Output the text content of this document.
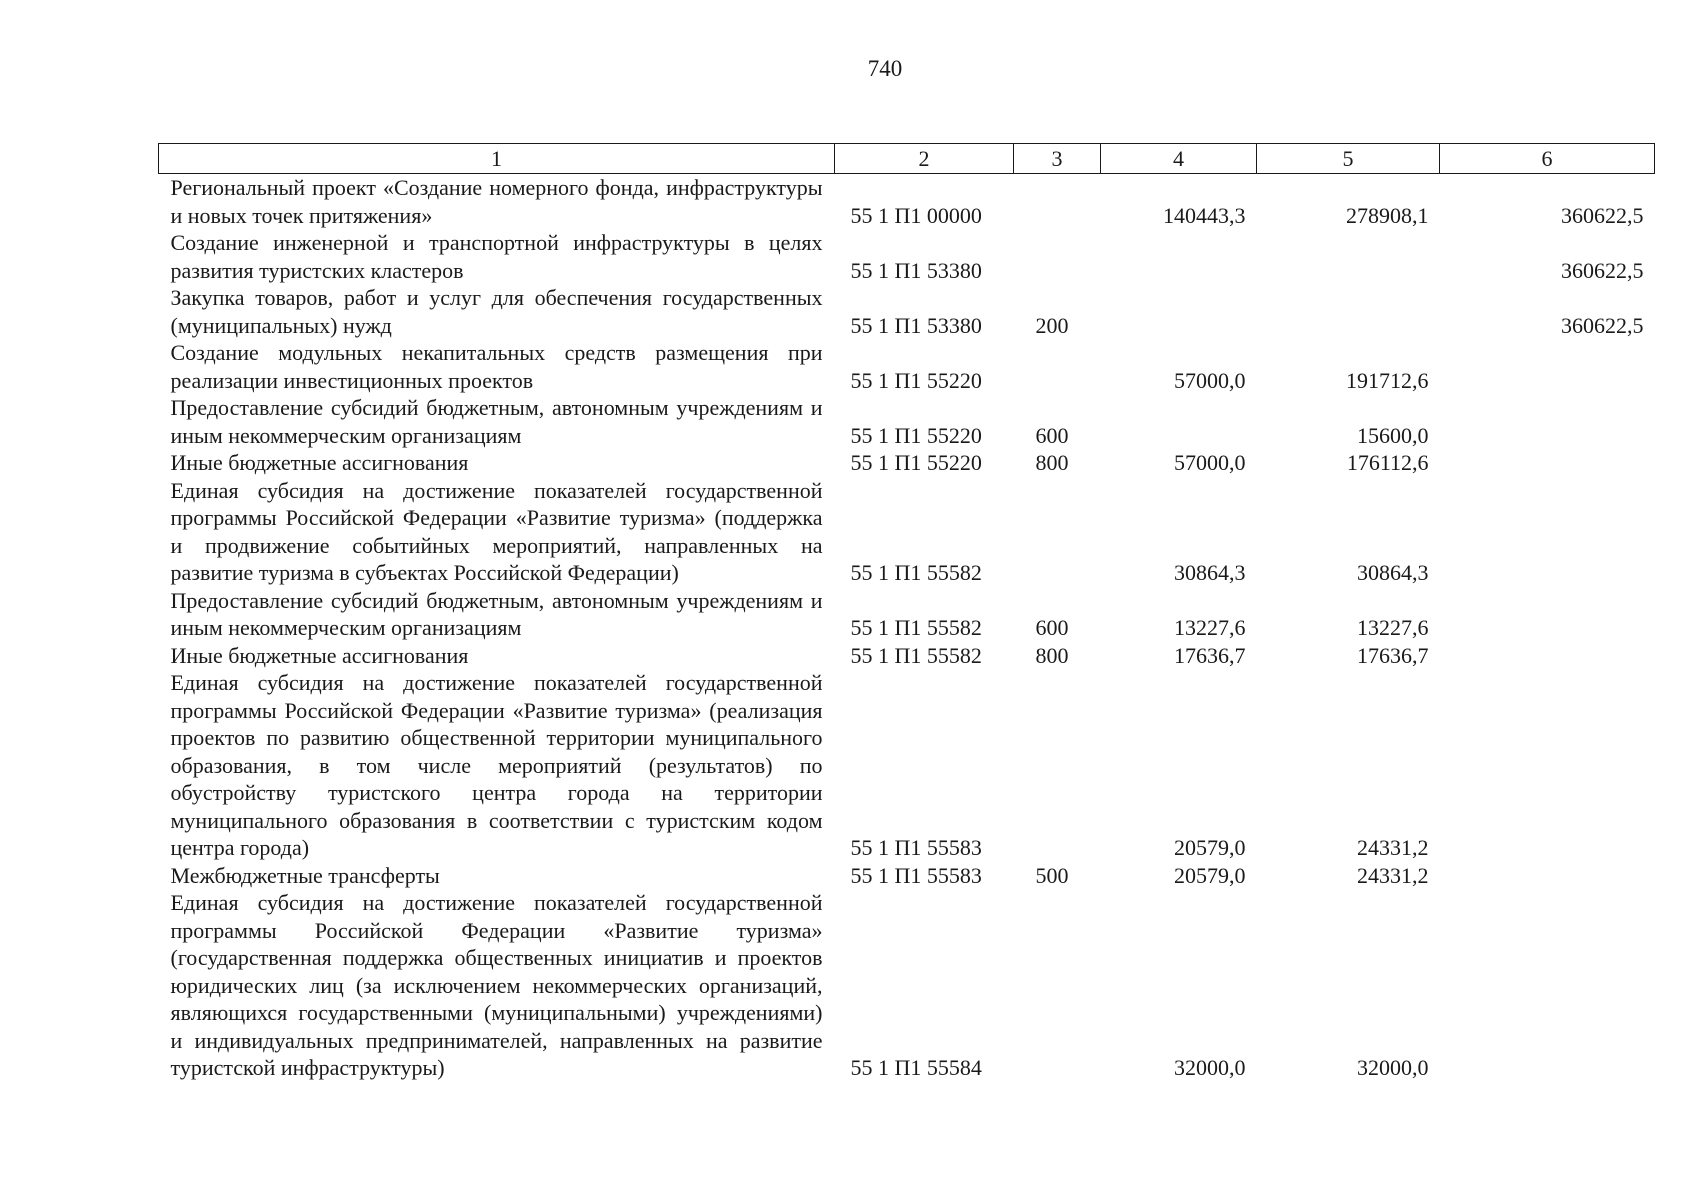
740
1	2	3	4	5	6
Региональный проект «Создание номерного фонда, инфраструктуры и новых точек притяжения»	55 1 П1 00000		140443,3	278908,1	360622,5
Создание инженерной и транспортной инфраструктуры в целях развития туристских кластеров	55 1 П1 53380				360622,5
Закупка товаров, работ и услуг для обеспечения государственных (муниципальных) нужд	55 1 П1 53380	200			360622,5
Создание модульных некапитальных средств размещения при реализации инвестиционных проектов	55 1 П1 55220		57000,0	191712,6	
Предоставление субсидий бюджетным, автономным учреждениям и иным некоммерческим организациям	55 1 П1 55220	600		15600,0	
Иные бюджетные ассигнования	55 1 П1 55220	800	57000,0	176112,6	
Единая субсидия на достижение показателей государственной программы Российской Федерации «Развитие туризма» (поддержка и продвижение событийных мероприятий, направленных на развитие туризма в субъектах Российской Федерации)	55 1 П1 55582		30864,3	30864,3	
Предоставление субсидий бюджетным, автономным учреждениям и иным некоммерческим организациям	55 1 П1 55582	600	13227,6	13227,6	
Иные бюджетные ассигнования	55 1 П1 55582	800	17636,7	17636,7	
Единая субсидия на достижение показателей государственной программы Российской Федерации «Развитие туризма» (реализация проектов по развитию общественной территории муниципального образования, в том числе мероприятий (результатов) по обустройству туристского центра города на территории муниципального образования в соответствии с туристским кодом центра города)	55 1 П1 55583		20579,0	24331,2	
Межбюджетные трансферты	55 1 П1 55583	500	20579,0	24331,2	
Единая субсидия на достижение показателей государственной программы Российской Федерации «Развитие туризма» (государственная поддержка общественных инициатив и проектов юридических лиц (за исключением некоммерческих организаций, являющихся государственными (муниципальными) учреждениями) и индивидуальных предпринимателей, направленных на развитие туристской инфраструктуры)	55 1 П1 55584		32000,0	32000,0	
